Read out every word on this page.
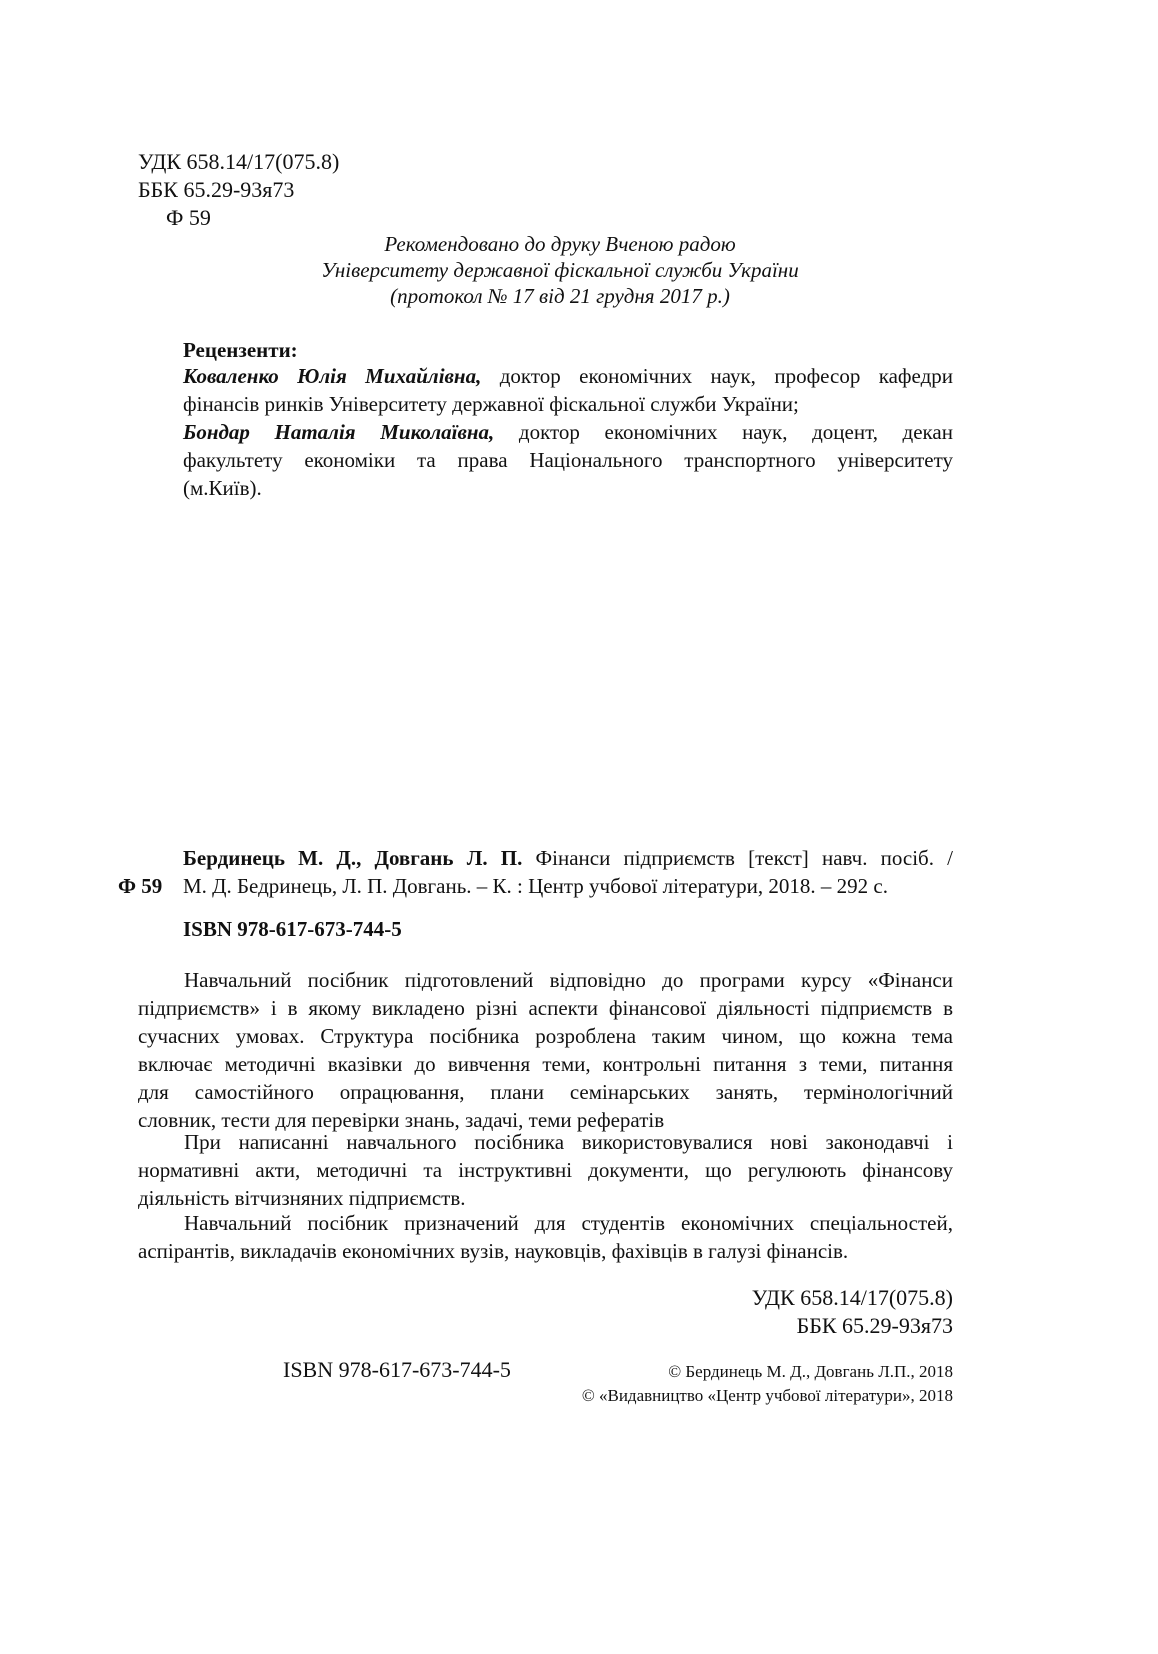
УДК 658.14/17(075.8)
ББК 65.29-93я73
Ф 59
Рекомендовано до друку Вченою радою
Університету державної фіскальної служби України
(протокол № 17 від 21 грудня 2017 р.)
Рецензенти:
Коваленко Юлія Михайлівна, доктор економічних наук, професор кафедри
фінансів ринків Університету державної фіскальної служби України;
Бондар Наталія Миколаївна, доктор економічних наук, доцент, декан
факультету економіки та права Національного транспортного університету
(м.Київ).
Ф 59
Бердинець М. Д., Довгань Л. П. Фінанси підприємств [текст] навч. посіб. /
М. Д. Бедринець, Л. П. Довгань. – К. : Центр учбової літератури, 2018. – 292 с.
ISBN 978-617-673-744-5
Навчальний посібник підготовлений відповідно до програми курсу «Фінанси
підприємств» і в якому викладено різні аспекти фінансової діяльності підприємств в
сучасних умовах. Структура посібника розроблена таким чином, що кожна тема
включає методичні вказівки до вивчення теми, контрольні питання з теми, питання
для самостійного опрацювання, плани семінарських занять, термінологічний
словник, тести для перевірки знань, задачі, теми рефератів
При написанні навчального посібника використовувалися нові законодавчі і
нормативні акти, методичні та інструктивні документи, що регулюють фінансову
діяльність вітчизняних підприємств.
Навчальний посібник призначений для студентів економічних спеціальностей,
аспірантів, викладачів економічних вузів, науковців, фахівців в галузі фінансів.
УДК 658.14/17(075.8)
ББК 65.29-93я73
ISBN 978-617-673-744-5	© Бердинець М. Д., Довгань Л.П., 2018
© «Видавництво «Центр учбової літератури», 2018
